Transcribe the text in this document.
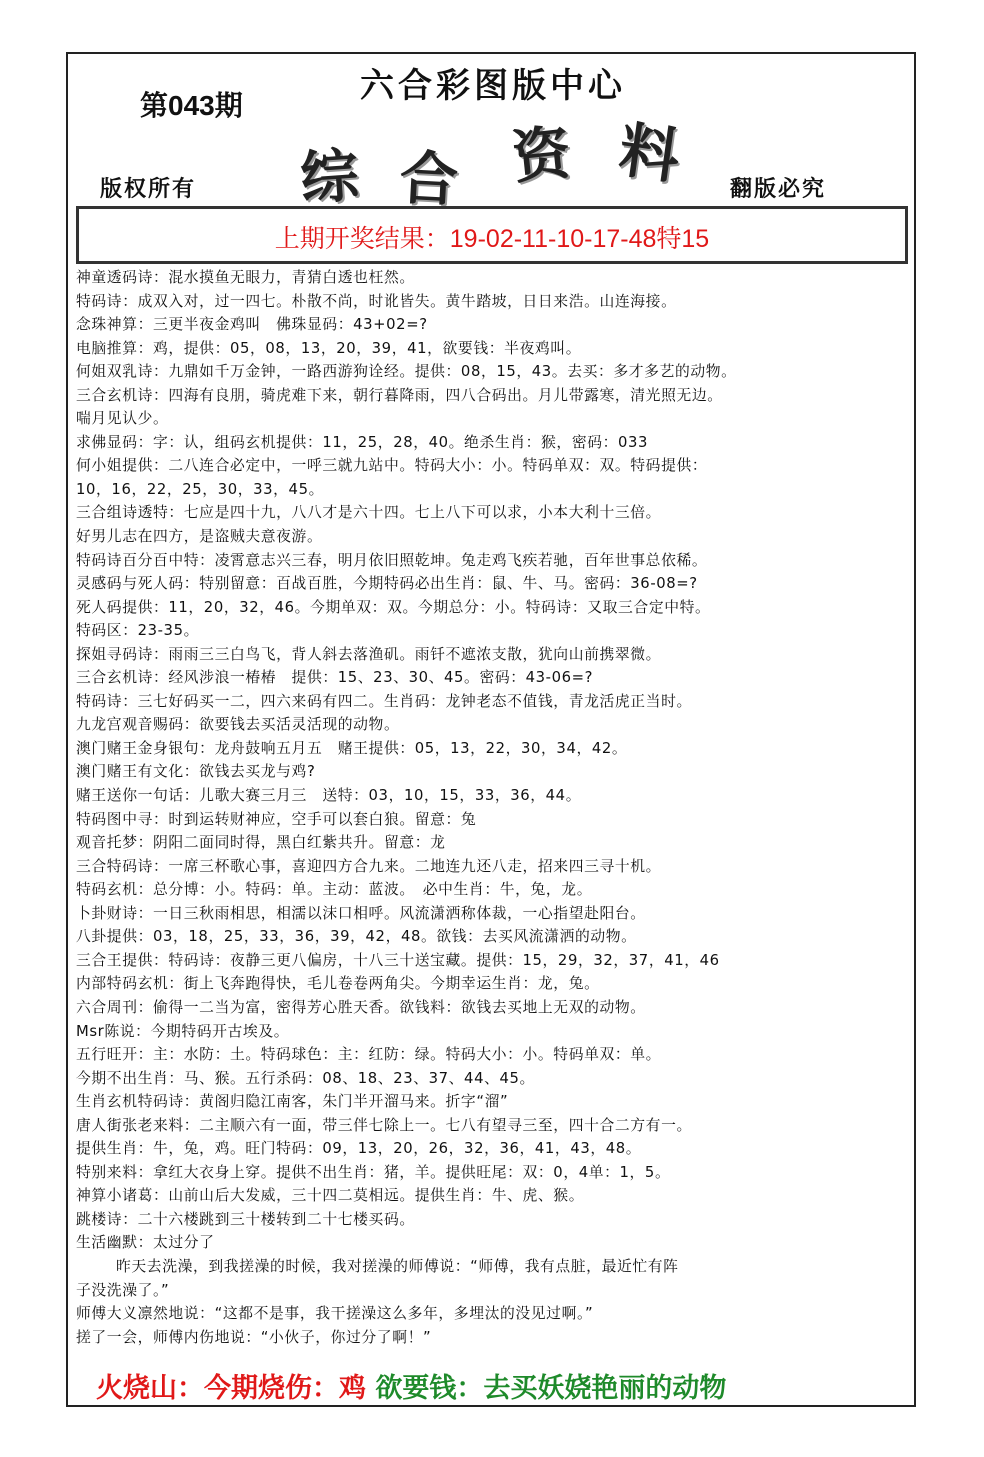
第043期	六合彩图版中心
综 合 资 料
版权所有	翻版必究
上期开奖结果：19-02-11-10-17-48特15
神童透码诗：混水摸鱼无眼力，青猜白透也枉然。
特码诗：成双入对，过一四七。朴散不尚，时讹皆失。黄牛踏坡，日日来浩。山连海接。
念珠神算：三更半夜金鸡叫　佛珠显码：43+02=?
电脑推算：鸡，提供：05，08，13，20，39，41，欲要钱：半夜鸡叫。
何姐双乳诗：九鼎如千万金钟，一路西游狗诠经。提供：08，15，43。去买：多才多艺的动物。
三合玄机诗：四海有良朋，骑虎难下来，朝行暮降雨，四八合码出。月儿带露寒，清光照无边。
喘月见认少。
求佛显码：字：认，组码玄机提供：11，25，28，40。绝杀生肖：猴，密码：033
何小姐提供：二八连合必定中，一呼三就九站中。特码大小：小。特码单双：双。特码提供：
10，16，22，25，30，33，45。
三合组诗透特：七应是四十九，八八才是六十四。七上八下可以求，小本大利十三倍。
好男儿志在四方，是盗贼夫意夜游。
特码诗百分百中特：凌霄意志兴三春，明月依旧照乾坤。兔走鸡飞疾若驰，百年世事总依稀。
灵感码与死人码：特别留意：百战百胜，今期特码必出生肖：鼠、牛、马。密码：36-08=?
死人码提供：11，20，32，46。今期单双：双。今期总分：小。特码诗：又取三合定中特。
特码区：23-35。
探姐寻码诗：雨雨三三白鸟飞，背人斜去落渔矶。雨钎不遮浓支散，犹向山前携翠微。
三合玄机诗：经风涉浪一椿椿　提供：15、23、30、45。密码：43-06=?
特码诗：三七好码买一二，四六来码有四二。生肖码：龙钟老态不值钱，青龙活虎正当时。
九龙宫观音赐码：欲要钱去买活灵活现的动物。
澳门赌王金身银句：龙舟鼓响五月五　赌王提供：05，13，22，30，34，42。
澳门赌王有文化：欲钱去买龙与鸡?
赌王送你一句话：儿歌大赛三月三　送特：03，10，15，33，36，44。
特码图中寻：时到运转财神应，空手可以套白狼。留意：兔
观音托梦：阴阳二面同时得，黑白红紫共升。留意：龙
三合特码诗：一席三杯歌心事，喜迎四方合九来。二地连九还八走，招来四三寻十机。
特码玄机：总分博：小。特码：单。主动：蓝波。　必中生肖：牛，兔，龙。
卜卦财诗：一日三秋雨相思，相濡以沫口相呼。风流潇洒称体裁，一心指望赴阳台。
八卦提供：03，18，25，33，36，39，42，48。欲钱：去买风流潇洒的动物。
三合王提供：特码诗：夜静三更八偏房，十八三十送宝藏。提供：15，29，32，37，41，46
内部特码玄机：街上飞奔跑得快，毛儿卷卷两角尖。今期幸运生肖：龙，兔。
六合周刊：偷得一二当为富，密得芳心胜天香。欲钱料：欲钱去买地上无双的动物。
Msr陈说：今期特码开古埃及。
五行旺开：主：水防：土。特码球色：主：红防：绿。特码大小：小。特码单双：单。
今期不出生肖：马、猴。五行杀码：08、18、23、37、44、45。
生肖玄机特码诗：黄阁归隐江南客，朱门半开溜马来。折字“溜”
唐人街张老来料：二主顺六有一面，带三伴七除上一。七八有望寻三至，四十合二方有一。
提供生肖：牛，兔，鸡。旺门特码：09，13，20，26，32，36，41，43，48。
特别来料：拿红大衣身上穿。提供不出生肖：猪，羊。提供旺尾：双：0，4单：1，5。
神算小诸葛：山前山后大发威，三十四二莫相远。提供生肖：牛、虎、猴。
跳楼诗：二十六楼跳到三十楼转到二十七楼买码。
生活幽默：太过分了
昨天去洗澡，到我搓澡的时候，我对搓澡的师傅说：“师傅，我有点脏，最近忙有阵
子没洗澡了。”
师傅大义凛然地说：“这都不是事，我干搓澡这么多年，多埋汰的没见过啊。”
搓了一会，师傅内伤地说：“小伙子，你过分了啊！”
火烧山：今期烧伤：鸡 欲要钱：去买妖娆艳丽的动物
